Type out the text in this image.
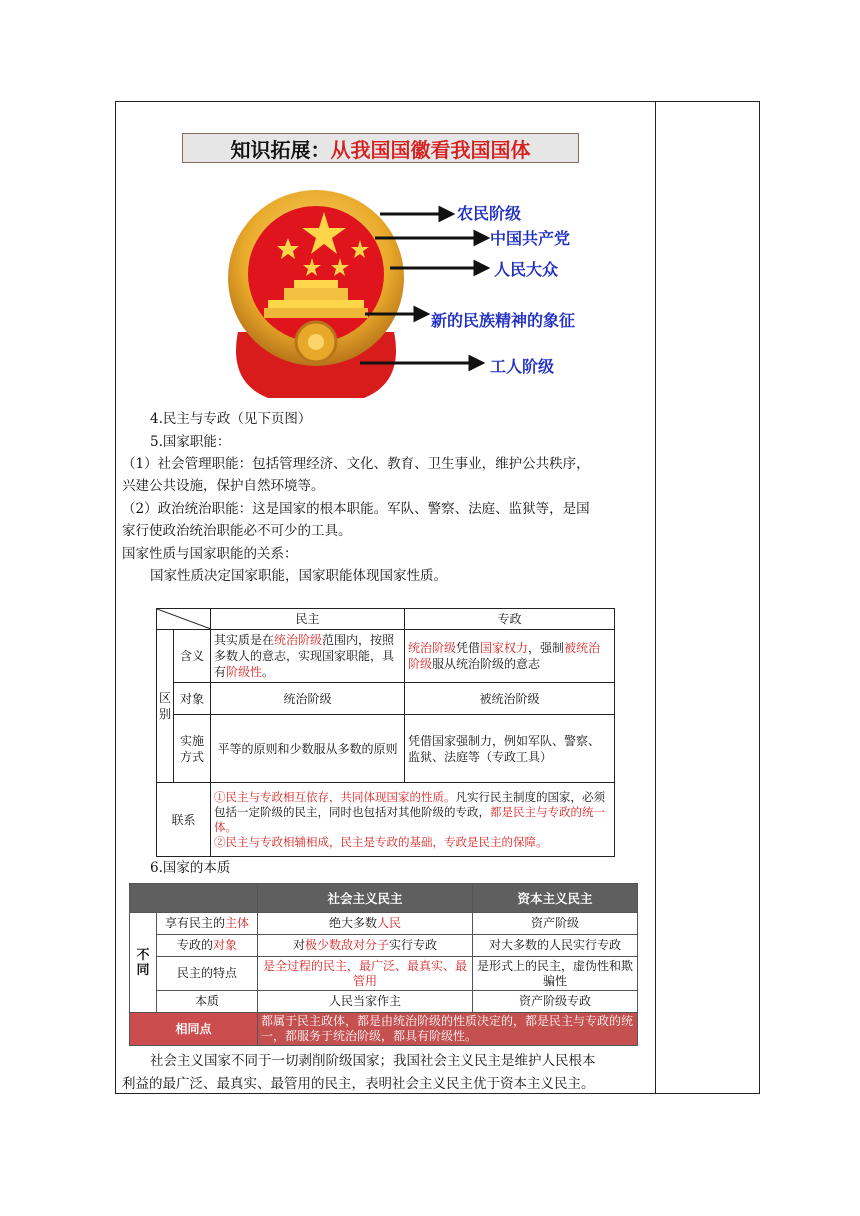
知识拓展： 从我国国徽看我国国体
农民阶级
中国共产党
人民大众
新的民族精神的象征
工人阶级
4.民主与专政（见下页图）
5.国家职能：
（1）社会管理职能：包括管理经济、文化、教育、卫生事业，维护公共秩序，
兴建公共设施，保护自然环境等。
（2）政治统治职能：这是国家的根本职能。军队、警察、法庭、监狱等，是国
家行使政治统治职能必不可少的工具。
国家性质与国家职能的关系：
国家性质决定国家职能，国家职能体现国家性质。
	民主	专政
区别	含义	其实质是在统治阶级范围内，按照多数人的意志，实现国家职能，具有阶级性。	统治阶级凭借国家权力，强制被统治阶级服从统治阶级的意志
	对象	统治阶级	被统治阶级
	实施方式	平等的原则和少数服从多数的原则	凭借国家强制力，例如军队、警察、监狱、法庭等（专政工具）
联系		①民主与专政相互依存，共同体现国家的性质。凡实行民主制度的国家，必须包括一定阶级的民主，同时也包括对其他阶级的专政，都是民主与专政的统一体。
②民主与专政相辅相成，民主是专政的基础，专政是民主的保障。	
6.国家的本质
		社会主义民主	资本主义民主
不同	享有民主的主体	绝大多数人民	资产阶级
	专政的对象	对极少数敌对分子实行专政	对大多数的人民实行专政
	民主的特点	是全过程的民主，最广泛、最真实、最管用	是形式上的民主，虚伪性和欺骗性
	本质	人民当家作主	资产阶级专政
相同点		都属于民主政体，都是由统治阶级的性质决定的，都是民主与专政的统一，都服务于统治阶级，都具有阶级性。	
社会主义国家不同于一切剥削阶级国家；我国社会主义民主是维护人民根本
利益的最广泛、最真实、最管用的民主，表明社会主义民主优于资本主义民主。
